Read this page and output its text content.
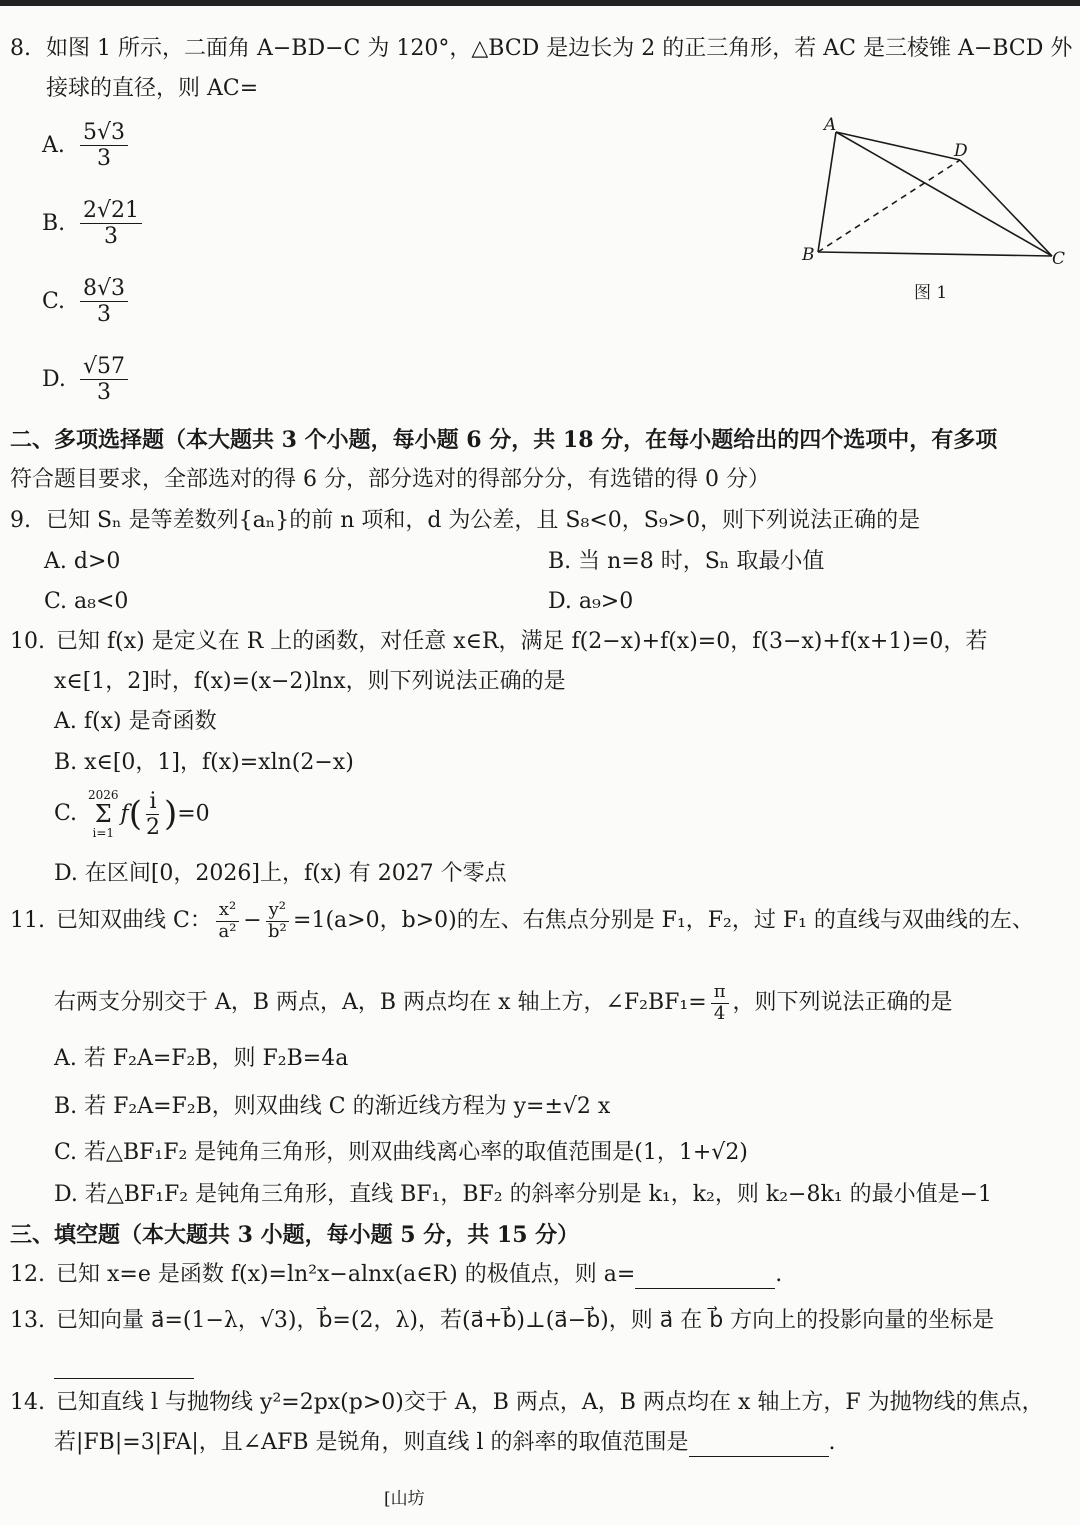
8. 如图 1 所示，二面角 A−BD−C 为 120°，△BCD 是边长为 2 的正三角形，若 AC 是三棱锥 A−BCD 外
接球的直径，则 AC=
A. $\frac{5√3}{3}$
B. $\frac{2√21}{3}$
C. $\frac{8√3}{3}$
D. $\frac{√57}{3}$
A
D
B	C
图 1
二、多项选择题（本大题共 3 个小题，每小题 6 分，共 18 分，在每小题给出的四个选项中，有多项
符合题目要求，全部选对的得 6 分，部分选对的得部分分，有选错的得 0 分）
9. 已知 Sₙ 是等差数列{aₙ}的前 n 项和，d 为公差，且 S₈<0，S₉>0，则下列说法正确的是
A. d>0	B. 当 n=8 时，Sₙ 取最小值
C. a₈<0	D. a₉>0
10. 已知 f(x) 是定义在 R 上的函数，对任意 x∈R，满足 f(2−x)+f(x)=0，f(3−x)+f(x+1)=0，若
x∈[1，2]时，f(x)=(x−2)lnx，则下列说法正确的是
A. f(x) 是奇函数
B. x∈[0，1]，f(x)=xln(2−x)
C.
2026
Σ
i=1
$f( \frac{i}{2} )=0$
D. 在区间[0，2026]上，f(x) 有 2027 个零点
11. 已知双曲线 C： $\frac{\text{x²}}{\text{a²}} - \frac{\text{y²}}{\text{b²}} =1(a>0$，b>0)的左、右焦点分别是 F₁，F₂，过 F₁ 的直线与双曲线的左、
右两支分别交于 A，B 两点，A，B 两点均在 x 轴上方，∠F₂BF₁= $\frac{\pi}{4}$ ，则下列说法正确的是
A. 若 F₂A=F₂B，则 F₂B=4a
B. 若 F₂A=F₂B，则双曲线 C 的渐近线方程为 y=±√2 x
C. 若△BF₁F₂ 是钝角三角形，则双曲线离心率的取值范围是(1，1+√2)
D. 若△BF₁F₂ 是钝角三角形，直线 BF₁，BF₂ 的斜率分别是 k₁，k₂，则 k₂−8k₁ 的最小值是−1
三、填空题（本大题共 3 小题，每小题 5 分，共 15 分）
12. 已知 x=e 是函数 f(x)=ln²x−alnx(a∈R) 的极值点，则 a=	.
13. 已知向量 a⃗=(1−λ，√3)，b⃗=(2，λ)，若(a⃗+b⃗)⊥(a⃗−b⃗)，则 a⃗ 在 b⃗ 方向上的投影向量的坐标是

14. 已知直线 l 与抛物线 y²=2px(p>0)交于 A，B 两点，A，B 两点均在 x 轴上方，F 为抛物线的焦点，
若|FB|=3|FA|，且∠AFB 是锐角，则直线 l 的斜率的取值范围是	.
[山坊
